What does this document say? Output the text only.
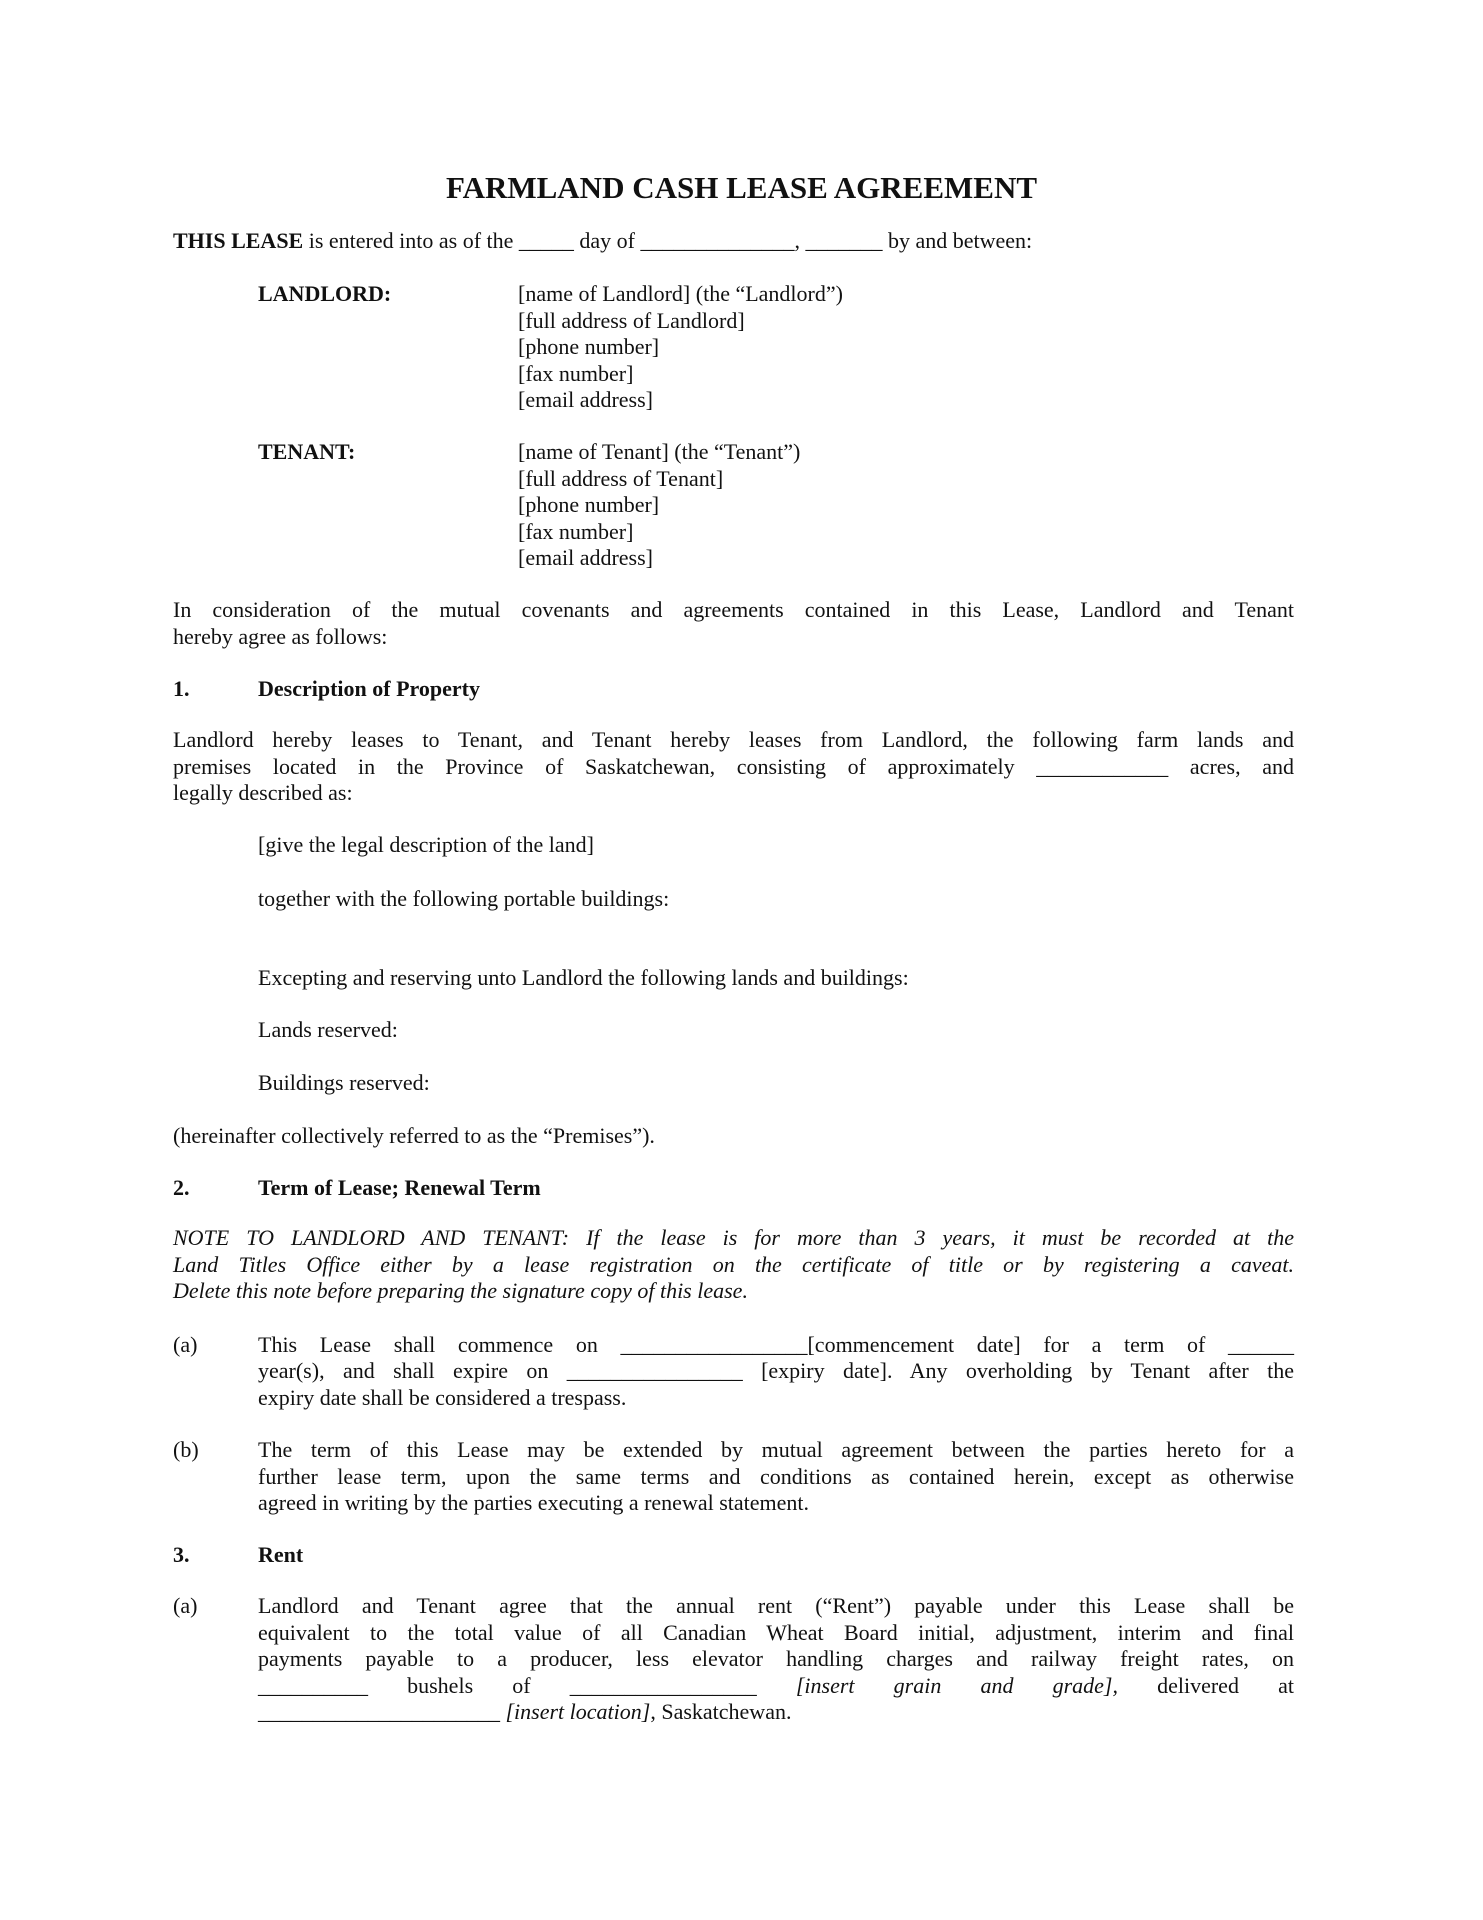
FARMLAND CASH LEASE AGREEMENT
THIS LEASE is entered into as of the _____ day of ______________, _______ by and between:
LANDLORD:	[name of Landlord] (the “Landlord”)
[full address of Landlord]
[phone number]
[fax number]
[email address]
TENANT:	[name of Tenant] (the “Tenant”)
[full address of Tenant]
[phone number]
[fax number]
[email address]
In consideration of the mutual covenants and agreements contained in this Lease, Landlord and Tenant
hereby agree as follows:
1.	Description of Property
Landlord hereby leases to Tenant, and Tenant hereby leases from Landlord, the following farm lands and
premises located in the Province of Saskatchewan, consisting of approximately ____________ acres, and
legally described as:
[give the legal description of the land]
together with the following portable buildings:
Excepting and reserving unto Landlord the following lands and buildings:
Lands reserved:
Buildings reserved:
(hereinafter collectively referred to as the “Premises”).
2.	Term of Lease; Renewal Term
NOTE TO LANDLORD AND TENANT: If the lease is for more than 3 years, it must be recorded at the
Land Titles Office either by a lease registration on the certificate of title or by registering a caveat.
Delete this note before preparing the signature copy of this lease.
(a)	This Lease shall commence on _________________[commencement date] for a term of ______
year(s), and shall expire on ________________ [expiry date]. Any overholding by Tenant after the
expiry date shall be considered a trespass.
(b)	The term of this Lease may be extended by mutual agreement between the parties hereto for a
further lease term, upon the same terms and conditions as contained herein, except as otherwise
agreed in writing by the parties executing a renewal statement.
3.	Rent
(a)	Landlord and Tenant agree that the annual rent (“Rent”) payable under this Lease shall be
equivalent to the total value of all Canadian Wheat Board initial, adjustment, interim and final
payments payable to a producer, less elevator handling charges and railway freight rates, on
__________ bushels of _________________ [insert grain and grade], delivered at
______________________ [insert location], Saskatchewan.
